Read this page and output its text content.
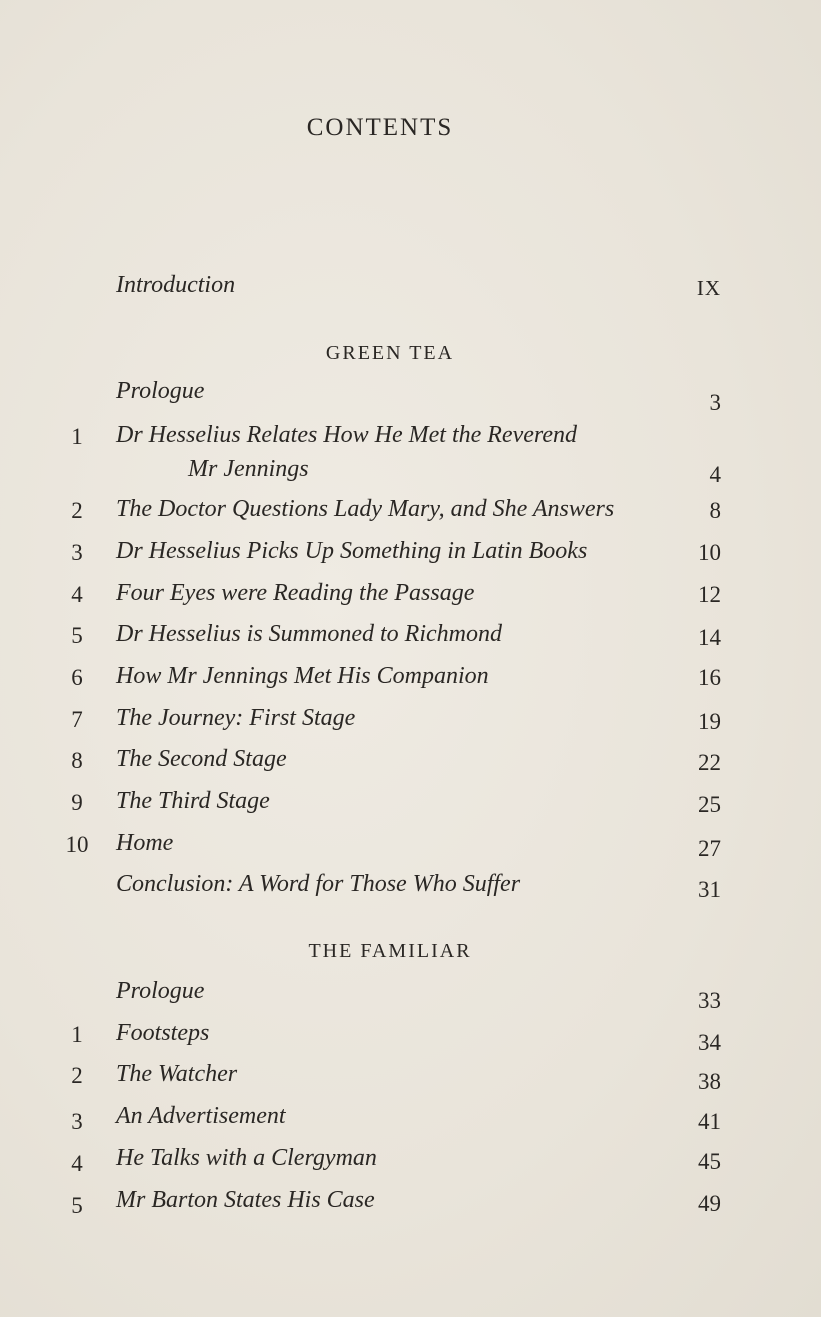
CONTENTS
Introduction	IX
GREEN TEA
Prologue	3
1	Dr Hesselius Relates How He Met the Reverend
Mr Jennings	4
2	The Doctor Questions Lady Mary, and She Answers	8
3	Dr Hesselius Picks Up Something in Latin Books	10
4	Four Eyes were Reading the Passage	12
5	Dr Hesselius is Summoned to Richmond	14
6	How Mr Jennings Met His Companion	16
7	The Journey: First Stage	19
8	The Second Stage	22
9	The Third Stage	25
10	Home	27
Conclusion: A Word for Those Who Suffer	31
THE FAMILIAR
Prologue	33
1	Footsteps	34
2	The Watcher	38
3	An Advertisement	41
4	He Talks with a Clergyman	45
5	Mr Barton States His Case	49
